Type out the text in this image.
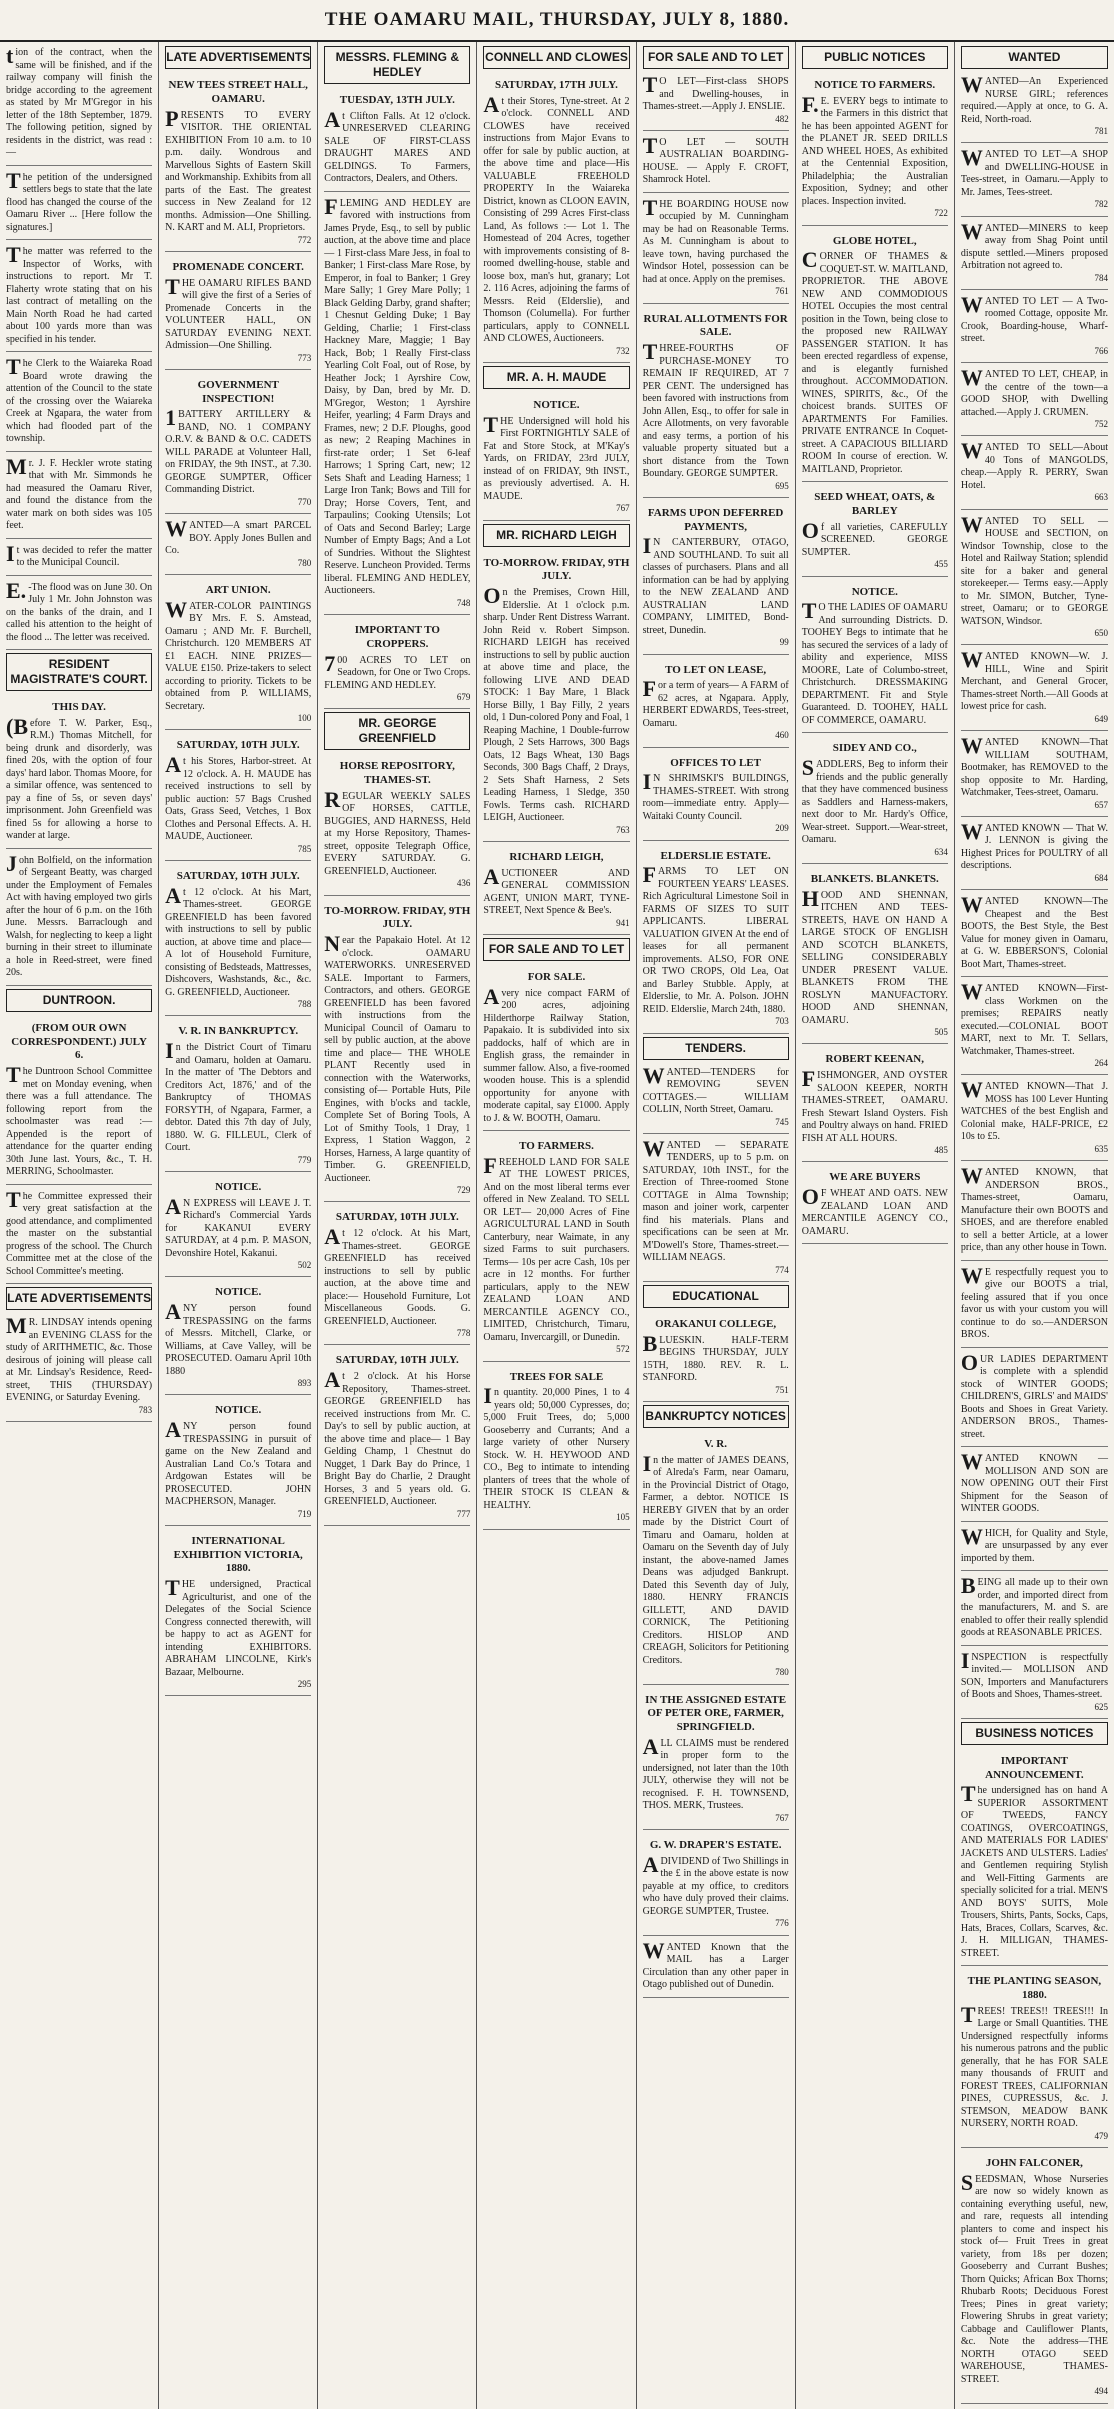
THE OAMARU MAIL, THURSDAY, JULY 8, 1880.
tion of the contract, when the same will be finished, and if the railway company will finish the bridge according to the agreement as stated by Mr M'Gregor in his letter of the 18th September, 1879. The following petition, signed by residents in the district, was read :—
The petition of the undersigned settlers begs to state that the late flood has changed the course of the Oamaru River ... [Here follow the signatures.]
The matter was referred to the Inspector of Works, with instructions to report. Mr T. Flaherty wrote stating that on his last contract of metalling on the Main North Road he had carted about 100 yards more than was specified in his tender.
The Clerk to the Waiareka Road Board wrote drawing the attention of the Council to the state of the crossing over the Waiareka Creek at Ngapara, the water from which had flooded part of the township.
Mr. J. F. Heckler wrote stating that with Mr. Simmonds he had measured the Oamaru River, and found the distance from the water mark on both sides was 105 feet.
It was decided to refer the matter to the Municipal Council.
E.-The flood was on June 30. On July 1 Mr. John Johnston was on the banks of the drain, and I called his attention to the height of the flood ... The letter was received.
RESIDENT MAGISTRATE'S COURT.
THIS DAY.
(Before T. W. Parker, Esq., R.M.) Thomas Mitchell, for being drunk and disorderly, was fined 20s, with the option of four days' hard labor. Thomas Moore, for a similar offence, was sentenced to pay a fine of 5s, or seven days' imprisonment. John Greenfield was fined 5s for allowing a horse to wander at large.
John Bolfield, on the information of Sergeant Beatty, was charged under the Employment of Females Act with having employed two girls after the hour of 6 p.m. on the 16th June. Messrs. Barraclough and Walsh, for neglecting to keep a light burning in their street to illuminate a hole in Reed-street, were fined 20s.
DUNTROON.
(FROM OUR OWN CORRESPONDENT.) JULY 6.
The Duntroon School Committee met on Monday evening, when there was a full attendance. The following report from the schoolmaster was read :— Appended is the report of attendance for the quarter ending 30th June last. Yours, &c., T. H. MERRING, Schoolmaster.
The Committee expressed their very great satisfaction at the good attendance, and complimented the master on the substantial progress of the school. The Church Committee met at the close of the School Committee's meeting.
LATE ADVERTISEMENTS
MR. LINDSAY intends opening an EVENING CLASS for the study of ARITHMETIC, &c. Those desirous of joining will please call at Mr. Lindsay's Residence, Reed-street, THIS (THURSDAY) EVENING, or Saturday Evening.
783
LATE ADVERTISEMENTS
NEW TEES STREET HALL, OAMARU.
PRESENTS TO EVERY VISITOR. THE ORIENTAL EXHIBITION From 10 a.m. to 10 p.m. daily. Wondrous and Marvellous Sights of Eastern Skill and Workmanship. Exhibits from all parts of the East. The greatest success in New Zealand for 12 months. Admission—One Shilling. N. KART and M. ALI, Proprietors.
772
PROMENADE CONCERT.
THE OAMARU RIFLES BAND will give the first of a Series of Promenade Concerts in the VOLUNTEER HALL, ON SATURDAY EVENING NEXT. Admission—One Shilling.
773
GOVERNMENT INSPECTION!
1BATTERY ARTILLERY & BAND, NO. 1 COMPANY O.R.V. & BAND & O.C. CADETS WILL PARADE at Volunteer Hall, on FRIDAY, the 9th INST., at 7.30. GEORGE SUMPTER, Officer Commanding District.
770
WANTED—A smart PARCEL BOY. Apply Jones Bullen and Co.
780
ART UNION.
WATER-COLOR PAINTINGS BY Mrs. F. S. Amstead, Oamaru ; AND Mr. F. Burchell, Christchurch. 120 MEMBERS AT £1 EACH. NINE PRIZES—VALUE £150. Prize-takers to select according to priority. Tickets to be obtained from P. WILLIAMS, Secretary.
100
SATURDAY, 10TH JULY.
At his Stores, Harbor-street. At 12 o'clock. A. H. MAUDE has received instructions to sell by public auction: 57 Bags Crushed Oats, Grass Seed, Vetches, 1 Box Clothes and Personal Effects. A. H. MAUDE, Auctioneer.
785
SATURDAY, 10TH JULY.
At 12 o'clock. At his Mart, Thames-street. GEORGE GREENFIELD has been favored with instructions to sell by public auction, at above time and place— A lot of Household Furniture, consisting of Bedsteads, Mattresses, Dishcovers, Washstands, &c., &c. G. GREENFIELD, Auctioneer.
788
V. R. IN BANKRUPTCY.
In the District Court of Timaru and Oamaru, holden at Oamaru. In the matter of 'The Debtors and Creditors Act, 1876,' and of the Bankruptcy of THOMAS FORSYTH, of Ngapara, Farmer, a debtor. Dated this 7th day of July, 1880. W. G. FILLEUL, Clerk of Court.
779
NOTICE.
AN EXPRESS will LEAVE J. T. Richard's Commercial Yards for KAKANUI EVERY SATURDAY, at 4 p.m. P. MASON, Devonshire Hotel, Kakanui.
502
NOTICE.
ANY person found TRESPASSING on the farms of Messrs. Mitchell, Clarke, or Williams, at Cave Valley, will be PROSECUTED. Oamaru April 10th 1880
893
NOTICE.
ANY person found TRESPASSING in pursuit of game on the New Zealand and Australian Land Co.'s Totara and Ardgowan Estates will be PROSECUTED. JOHN MACPHERSON, Manager.
719
INTERNATIONAL EXHIBITION VICTORIA, 1880.
THE undersigned, Practical Agriculturist, and one of the Delegates of the Social Science Congress connected therewith, will be happy to act as AGENT for intending EXHIBITORS. ABRAHAM LINCOLNE, Kirk's Bazaar, Melbourne.
295
MESSRS. FLEMING & HEDLEY
TUESDAY, 13TH JULY.
At Clifton Falls. At 12 o'clock. UNRESERVED CLEARING SALE OF FIRST-CLASS DRAUGHT MARES AND GELDINGS. To Farmers, Contractors, Dealers, and Others.
FLEMING AND HEDLEY are favored with instructions from James Pryde, Esq., to sell by public auction, at the above time and place— 1 First-class Mare Jess, in foal to Banker; 1 First-class Mare Rose, by Emperor, in foal to Banker; 1 Grey Mare Sally; 1 Grey Mare Polly; 1 Black Gelding Darby, grand shafter; 1 Chesnut Gelding Duke; 1 Bay Gelding, Charlie; 1 First-class Hackney Mare, Maggie; 1 Bay Hack, Bob; 1 Really First-class Yearling Colt Foal, out of Rose, by Heather Jock; 1 Ayrshire Cow, Daisy, by Dan, bred by Mr. D. M'Gregor, Weston; 1 Ayrshire Heifer, yearling; 4 Farm Drays and Frames, new; 2 D.F. Ploughs, good as new; 2 Reaping Machines in first-rate order; 1 Set 6-leaf Harrows; 1 Spring Cart, new; 12 Sets Shaft and Leading Harness; 1 Large Iron Tank; Bows and Till for Dray; Horse Covers, Tent, and Tarpaulins; Cooking Utensils; Lot of Oats and Second Barley; Large Number of Empty Bags; And a Lot of Sundries. Without the Slightest Reserve. Luncheon Provided. Terms liberal. FLEMING AND HEDLEY, Auctioneers.
748
IMPORTANT TO CROPPERS.
700 ACRES TO LET on Seadown, for One or Two Crops. FLEMING AND HEDLEY.
679
MR. GEORGE GREENFIELD
HORSE REPOSITORY, THAMES-ST.
REGULAR WEEKLY SALES OF HORSES, CATTLE, BUGGIES, AND HARNESS, Held at my Horse Repository, Thames-street, opposite Telegraph Office, EVERY SATURDAY. G. GREENFIELD, Auctioneer.
436
TO-MORROW. FRIDAY, 9TH JULY.
Near the Papakaio Hotel. At 12 o'clock. OAMARU WATERWORKS. UNRESERVED SALE. Important to Farmers, Contractors, and others. GEORGE GREENFIELD has been favored with instructions from the Municipal Council of Oamaru to sell by public auction, at the above time and place— THE WHOLE PLANT Recently used in connection with the Waterworks, consisting of— Portable Huts, Pile Engines, with b'ocks and tackle, Complete Set of Boring Tools, A Lot of Smithy Tools, 1 Dray, 1 Express, 1 Station Waggon, 2 Horses, Harness, A large quantity of Timber. G. GREENFIELD, Auctioneer.
729
SATURDAY, 10TH JULY.
At 12 o'clock. At his Mart, Thames-street. GEORGE GREENFIELD has received instructions to sell by public auction, at the above time and place:— Household Furniture, Lot Miscellaneous Goods. G. GREENFIELD, Auctioneer.
778
SATURDAY, 10TH JULY.
At 2 o'clock. At his Horse Repository, Thames-street. GEORGE GREENFIELD has received instructions from Mr. C. Day's to sell by public auction, at the above time and place— 1 Bay Gelding Champ, 1 Chestnut do Nugget, 1 Dark Bay do Prince, 1 Bright Bay do Charlie, 2 Draught Horses, 3 and 5 years old. G. GREENFIELD, Auctioneer.
777
CONNELL AND CLOWES
SATURDAY, 17TH JULY.
At their Stores, Tyne-street. At 2 o'clock. CONNELL AND CLOWES have received instructions from Major Evans to offer for sale by public auction, at the above time and place—His VALUABLE FREEHOLD PROPERTY In the Waiareka District, known as CLOON EAVIN, Consisting of 299 Acres First-class Land, As follows :— Lot 1. The Homestead of 204 Acres, together with improvements consisting of 8-roomed dwelling-house, stable and loose box, man's hut, granary; Lot 2. 116 Acres, adjoining the farms of Messrs. Reid (Elderslie), and Thomson (Columella). For further particulars, apply to CONNELL AND CLOWES, Auctioneers.
732
MR. A. H. MAUDE
NOTICE.
THE Undersigned will hold his First FORTNIGHTLY SALE of Fat and Store Stock, at M'Kay's Yards, on FRIDAY, 23rd JULY, instead of on FRIDAY, 9th INST., as previously advertised. A. H. MAUDE.
767
MR. RICHARD LEIGH
TO-MORROW. FRIDAY, 9TH JULY.
On the Premises, Crown Hill, Elderslie. At 1 o'clock p.m. sharp. Under Rent Distress Warrant. John Reid v. Robert Simpson. RICHARD LEIGH has received instructions to sell by public auction at above time and place, the following LIVE AND DEAD STOCK: 1 Bay Mare, 1 Black Horse Billy, 1 Bay Filly, 2 years old, 1 Dun-colored Pony and Foal, 1 Reaping Machine, 1 Double-furrow Plough, 2 Sets Harrows, 300 Bags Oats, 12 Bags Wheat, 130 Bags Seconds, 300 Bags Chaff, 2 Drays, 2 Sets Shaft Harness, 2 Sets Leading Harness, 1 Sledge, 350 Fowls. Terms cash. RICHARD LEIGH, Auctioneer.
763
RICHARD LEIGH,
AUCTIONEER AND GENERAL COMMISSION AGENT, UNION MART, TYNE-STREET, Next Spence & Bee's.
941
FOR SALE AND TO LET
FOR SALE.
Avery nice compact FARM of 200 acres, adjoining Hilderthorpe Railway Station, Papakaio. It is subdivided into six paddocks, half of which are in English grass, the remainder in summer fallow. Also, a five-roomed wooden house. This is a splendid opportunity for anyone with moderate capital, say £1000. Apply to J. & W. BOOTH, Oamaru.
TO FARMERS.
FREEHOLD LAND FOR SALE AT THE LOWEST PRICES, And on the most liberal terms ever offered in New Zealand. TO SELL OR LET— 20,000 Acres of Fine AGRICULTURAL LAND in South Canterbury, near Waimate, in any sized Farms to suit purchasers. Terms— 10s per acre Cash, 10s per acre in 12 months. For further particulars, apply to the NEW ZEALAND LOAN AND MERCANTILE AGENCY CO., LIMITED, Christchurch, Timaru, Oamaru, Invercargill, or Dunedin.
572
TREES FOR SALE
In quantity. 20,000 Pines, 1 to 4 years old; 50,000 Cypresses, do; 5,000 Fruit Trees, do; 5,000 Gooseberry and Currants; And a large variety of other Nursery Stock. W. H. HEYWOOD AND CO., Beg to intimate to intending planters of trees that the whole of THEIR STOCK IS CLEAN & HEALTHY.
105
FOR SALE AND TO LET
TO LET—First-class SHOPS and Dwelling-houses, in Thames-street.—Apply J. ENSLIE.
482
TO LET — SOUTH AUSTRALIAN BOARDING-HOUSE. — Apply F. CROFT, Shamrock Hotel.
THE BOARDING HOUSE now occupied by M. Cunningham may be had on Reasonable Terms. As M. Cunningham is about to leave town, having purchased the Windsor Hotel, possession can be had at once. Apply on the premises.
761
RURAL ALLOTMENTS FOR SALE.
THREE-FOURTHS OF PURCHASE-MONEY TO REMAIN IF REQUIRED, AT 7 PER CENT. The undersigned has been favored with instructions from John Allen, Esq., to offer for sale in Acre Allotments, on very favorable and easy terms, a portion of his valuable property situated but a short distance from the Town Boundary. GEORGE SUMPTER.
695
FARMS UPON DEFERRED PAYMENTS,
IN CANTERBURY, OTAGO, AND SOUTHLAND. To suit all classes of purchasers. Plans and all information can be had by applying to the NEW ZEALAND AND AUSTRALIAN LAND COMPANY, LIMITED, Bond-street, Dunedin.
99
TO LET ON LEASE,
For a term of years— A FARM of 62 acres, at Ngapara. Apply, HERBERT EDWARDS, Tees-street, Oamaru.
460
OFFICES TO LET
IN SHRIMSKI'S BUILDINGS, THAMES-STREET. With strong room—immediate entry. Apply—Waitaki County Council.
209
ELDERSLIE ESTATE.
FARMS TO LET ON FOURTEEN YEARS' LEASES. Rich Agricultural Limestone Soil in FARMS OF SIZES TO SUIT APPLICANTS. LIBERAL VALUATION GIVEN At the end of leases for all permanent improvements. ALSO, FOR ONE OR TWO CROPS, Old Lea, Oat and Barley Stubble. Apply, at Elderslie, to Mr. A. Polson. JOHN REID. Elderslie, March 24th, 1880.
703
TENDERS.
WANTED—TENDERS for REMOVING SEVEN COTTAGES.— WILLIAM COLLIN, North Street, Oamaru.
745
WANTED — SEPARATE TENDERS, up to 5 p.m. on SATURDAY, 10th INST., for the Erection of Three-roomed Stone COTTAGE in Alma Township; mason and joiner work, carpenter find his materials. Plans and specifications can be seen at Mr. M'Dowell's Store, Thames-street.— WILLIAM NEAGS.
774
EDUCATIONAL
ORAKANUI COLLEGE,
BLUESKIN. HALF-TERM BEGINS THURSDAY, JULY 15TH, 1880. REV. R. L. STANFORD.
751
BANKRUPTCY NOTICES
V. R.
In the matter of JAMES DEANS, of Alreda's Farm, near Oamaru, in the Provincial District of Otago, Farmer, a debtor. NOTICE IS HEREBY GIVEN that by an order made by the District Court of Timaru and Oamaru, holden at Oamaru on the Seventh day of July instant, the above-named James Deans was adjudged Bankrupt. Dated this Seventh day of July, 1880. HENRY FRANCIS GILLETT, AND DAVID CORNICK, The Petitioning Creditors. HISLOP AND CREAGH, Solicitors for Petitioning Creditors.
780
IN THE ASSIGNED ESTATE OF PETER ORE, FARMER, SPRINGFIELD.
ALL CLAIMS must be rendered in proper form to the undersigned, not later than the 10th JULY, otherwise they will not be recognised. F. H. TOWNSEND, THOS. MERK, Trustees.
767
G. W. DRAPER'S ESTATE.
ADIVIDEND of Two Shillings in the £ in the above estate is now payable at my office, to creditors who have duly proved their claims. GEORGE SUMPTER, Trustee.
776
WANTED Known that the MAIL has a Larger Circulation than any other paper in Otago published out of Dunedin.
PUBLIC NOTICES
NOTICE TO FARMERS.
F.E. EVERY begs to intimate to the Farmers in this district that he has been appointed AGENT for the PLANET JR. SEED DRILLS AND WHEEL HOES, As exhibited at the Centennial Exposition, Philadelphia; the Australian Exposition, Sydney; and other places. Inspection invited.
722
GLOBE HOTEL,
CORNER OF THAMES & COQUET-ST. W. MAITLAND, PROPRIETOR. THE ABOVE NEW AND COMMODIOUS HOTEL Occupies the most central position in the Town, being close to the proposed new RAILWAY PASSENGER STATION. It has been erected regardless of expense, and is elegantly furnished throughout. ACCOMMODATION. WINES, SPIRITS, &c., Of the choicest brands. SUITES OF APARTMENTS For Families. PRIVATE ENTRANCE In Coquet-street. A CAPACIOUS BILLIARD ROOM In course of erection. W. MAITLAND, Proprietor.
SEED WHEAT, OATS, & BARLEY
Of all varieties, CAREFULLY SCREENED. GEORGE SUMPTER.
455
NOTICE.
TO THE LADIES OF OAMARU And surrounding Districts. D. TOOHEY Begs to intimate that he has secured the services of a lady of ability and experience, MISS MOORE, Late of Columbo-street, Christchurch. DRESSMAKING DEPARTMENT. Fit and Style Guaranteed. D. TOOHEY, HALL OF COMMERCE, OAMARU.
SIDEY AND CO.,
SADDLERS, Beg to inform their friends and the public generally that they have commenced business as Saddlers and Harness-makers, next door to Mr. Hardy's Office, Wear-street. Support.—Wear-street, Oamaru.
634
BLANKETS. BLANKETS.
HOOD AND SHENNAN, ITCHEN AND TEES-STREETS, HAVE ON HAND A LARGE STOCK OF ENGLISH AND SCOTCH BLANKETS, SELLING CONSIDERABLY UNDER PRESENT VALUE. BLANKETS FROM THE ROSLYN MANUFACTORY. HOOD AND SHENNAN, OAMARU.
505
ROBERT KEENAN,
FISHMONGER, AND OYSTER SALOON KEEPER, NORTH THAMES-STREET, OAMARU. Fresh Stewart Island Oysters. Fish and Poultry always on hand. FRIED FISH AT ALL HOURS.
485
WE ARE BUYERS
OF WHEAT AND OATS. NEW ZEALAND LOAN AND MERCANTILE AGENCY CO., OAMARU.
WANTED
WANTED—An Experienced NURSE GIRL; references required.—Apply at once, to G. A. Reid, North-road.
781
WANTED TO LET—A SHOP and DWELLING-HOUSE in Tees-street, in Oamaru.—Apply to Mr. James, Tees-street.
782
WANTED—MINERS to keep away from Shag Point until dispute settled.—Miners proposed Arbitration not agreed to.
784
WANTED TO LET — A Two-roomed Cottage, opposite Mr. Crook, Boarding-house, Wharf-street.
766
WANTED TO LET, CHEAP, in the centre of the town—a GOOD SHOP, with Dwelling attached.—Apply J. CRUMEN.
752
WANTED TO SELL—About 40 Tons of MANGOLDS, cheap.—Apply R. PERRY, Swan Hotel.
663
WANTED TO SELL — HOUSE and SECTION, on Windsor Township, close to the Hotel and Railway Station; splendid site for a baker and general storekeeper.— Terms easy.—Apply to Mr. SIMON, Butcher, Tyne-street, Oamaru; or to GEORGE WATSON, Windsor.
650
WANTED KNOWN—W. J. HILL, Wine and Spirit Merchant, and General Grocer, Thames-street North.—All Goods at lowest price for cash.
649
WANTED KNOWN—That WILLIAM SOUTHAM, Bootmaker, has REMOVED to the shop opposite to Mr. Harding, Watchmaker, Tees-street, Oamaru.
657
WANTED KNOWN — That W. J. LENNON is giving the Highest Prices for POULTRY of all descriptions.
684
WANTED KNOWN—The Cheapest and the Best BOOTS, the Best Style, the Best Value for money given in Oamaru, at G. W. EBBERSON'S, Colonial Boot Mart, Thames-street.
WANTED KNOWN—First-class Workmen on the premises; REPAIRS neatly executed.—COLONIAL BOOT MART, next to Mr. T. Sellars, Watchmaker, Thames-street.
264
WANTED KNOWN—That J. MOSS has 100 Lever Hunting WATCHES of the best English and Colonial make, HALF-PRICE, £2 10s to £5.
635
WANTED KNOWN, that ANDERSON BROS., Thames-street, Oamaru, Manufacture their own BOOTS and SHOES, and are therefore enabled to sell a better Article, at a lower price, than any other house in Town.
WE respectfully request you to give our BOOTS a trial, feeling assured that if you once favor us with your custom you will continue to do so.—ANDERSON BROS.
OUR LADIES DEPARTMENT is complete with a splendid stock of WINTER GOODS; CHILDREN'S, GIRLS' and MAIDS' Boots and Shoes in Great Variety. ANDERSON BROS., Thames-street.
WANTED KNOWN — MOLLISON AND SON are NOW OPENING OUT their First Shipment for the Season of WINTER GOODS.
WHICH, for Quality and Style, are unsurpassed by any ever imported by them.
BEING all made up to their own order, and imported direct from the manufacturers, M. and S. are enabled to offer their really splendid goods at REASONABLE PRICES.
INSPECTION is respectfully invited.— MOLLISON AND SON, Importers and Manufacturers of Boots and Shoes, Thames-street.
625
BUSINESS NOTICES
IMPORTANT ANNOUNCEMENT.
The undersigned has on hand A SUPERIOR ASSORTMENT OF TWEEDS, FANCY COATINGS, OVERCOATINGS, AND MATERIALS FOR LADIES' JACKETS AND ULSTERS. Ladies' and Gentlemen requiring Stylish and Well-Fitting Garments are specially solicited for a trial. MEN'S AND BOYS' SUITS, Mole Trousers, Shirts, Pants, Socks, Caps, Hats, Braces, Collars, Scarves, &c. J. H. MILLIGAN, THAMES-STREET.
THE PLANTING SEASON, 1880.
TREES! TREES!! TREES!!! In Large or Small Quantities. THE Undersigned respectfully informs his numerous patrons and the public generally, that he has FOR SALE many thousands of FRUIT and FOREST TREES, CALIFORNIAN PINES, CUPRESSUS, &c. J. STEMSON, MEADOW BANK NURSERY, NORTH ROAD.
479
JOHN FALCONER,
SEEDSMAN, Whose Nurseries are now so widely known as containing everything useful, new, and rare, requests all intending planters to come and inspect his stock of— Fruit Trees in great variety, from 18s per dozen; Gooseberry and Currant Bushes; Thorn Quicks; African Box Thorns; Rhubarb Roots; Deciduous Forest Trees; Pines in great variety; Flowering Shrubs in great variety; Cabbage and Cauliflower Plants, &c. Note the address—THE NORTH OTAGO SEED WAREHOUSE, THAMES-STREET.
494
